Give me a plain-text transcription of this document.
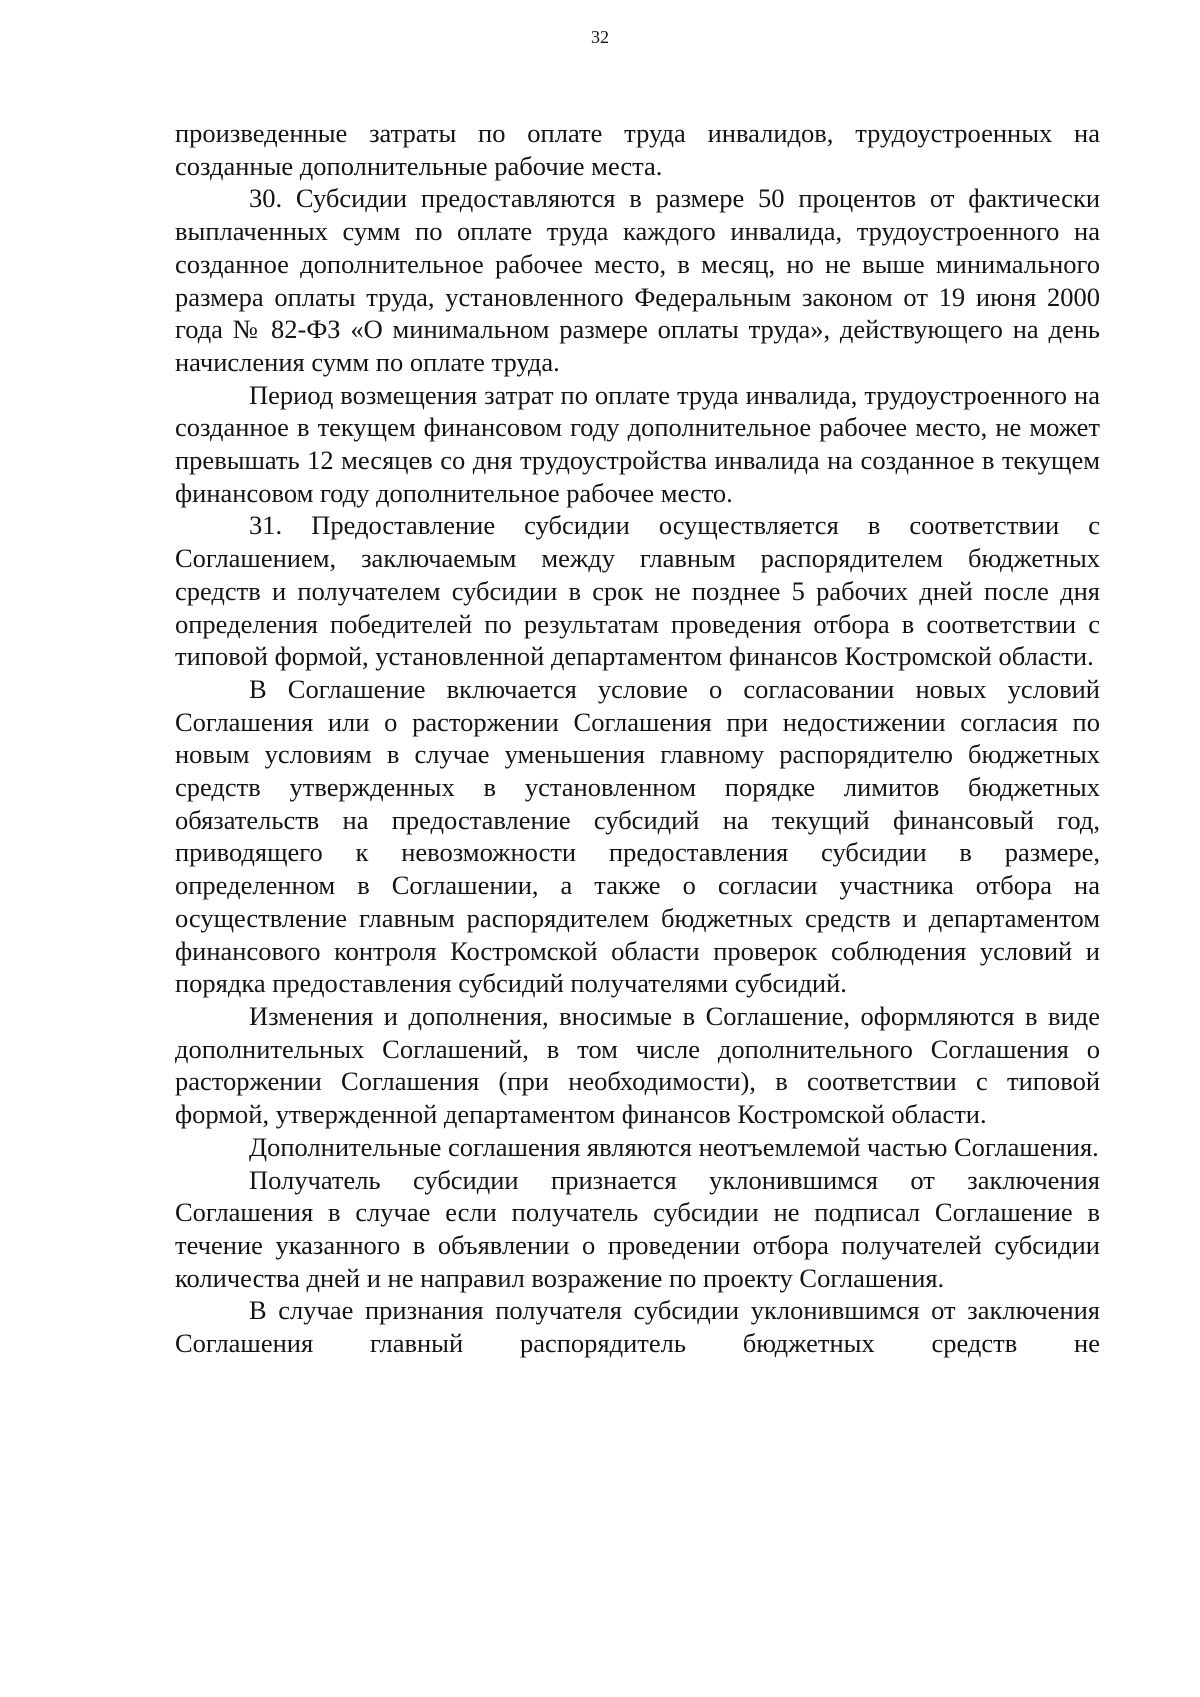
32

произведенные затраты по оплате труда инвалидов, трудоустроенных на созданные дополнительные рабочие места.

30. Субсидии предоставляются в размере 50 процентов от фактически выплаченных сумм по оплате труда каждого инвалида, трудоустроенного на созданное дополнительное рабочее место, в месяц, но не выше минимального размера оплаты труда, установленного Федеральным законом от 19 июня 2000 года № 82-ФЗ «О минимальном размере оплаты труда», действующего на день начисления сумм по оплате труда.

Период возмещения затрат по оплате труда инвалида, трудоустроенного на созданное в текущем финансовом году дополнительное рабочее место, не может превышать 12 месяцев со дня трудоустройства инвалида на созданное в текущем финансовом году дополнительное рабочее место.

31. Предоставление субсидии осуществляется в соответствии с Соглашением, заключаемым между главным распорядителем бюджетных средств и получателем субсидии в срок не позднее 5 рабочих дней после дня определения победителей по результатам проведения отбора в соответствии с типовой формой, установленной департаментом финансов Костромской области.

В Соглашение включается условие о согласовании новых условий Соглашения или о расторжении Соглашения при недостижении согласия по новым условиям в случае уменьшения главному распорядителю бюджетных средств утвержденных в установленном порядке лимитов бюджетных обязательств на предоставление субсидий на текущий финансовый год, приводящего к невозможности предоставления субсидии в размере, определенном в Соглашении, а также о согласии участника отбора на осуществление главным распорядителем бюджетных средств и департаментом финансового контроля Костромской области проверок соблюдения условий и порядка предоставления субсидий получателями субсидий.

Изменения и дополнения, вносимые в Соглашение, оформляются в виде дополнительных Соглашений, в том числе дополнительного Соглашения о расторжении Соглашения (при необходимости), в соответствии с типовой формой, утвержденной департаментом финансов Костромской области.

Дополнительные соглашения являются неотъемлемой частью Соглашения.

Получатель субсидии признается уклонившимся от заключения Соглашения в случае если получатель субсидии не подписал Соглашение в течение указанного в объявлении о проведении отбора получателей субсидии количества дней и не направил возражение по проекту Соглашения.

В случае признания получателя субсидии уклонившимся от заключения Соглашения главный распорядитель бюджетных средств не
